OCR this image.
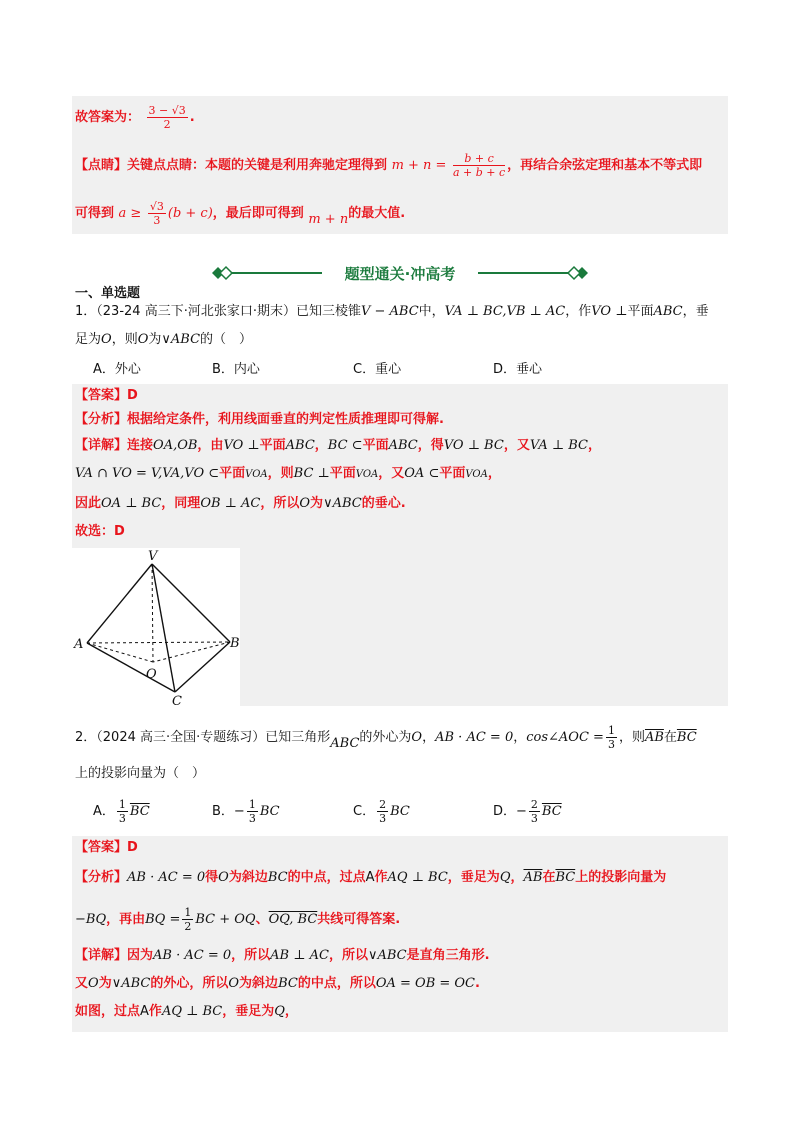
故答案为： $\frac{3 - √3}{2}$ .
【点睛】关键点点睛：本题的关键是利用奔驰定理得到 $m + n = \frac{b + c}{a + b + c}$ ，再结合余弦定理和基本不等式即
可得到 $a \ge \frac{√3}{3} (b + c)$，最后即可得到 m + n的最大值.
题型通关·冲高考
一、单选题
1．（23-24 高三下·河北张家口·期末）已知三棱锥V − ABC中，VA ⊥ BC,VB ⊥ AC，作VO ⊥平面ABC，垂
足为O，则O为∨ABC的（　）
A．外心	B．内心	C．重心	D．垂心
【答案】D
【分析】根据给定条件，利用线面垂直的判定性质推理即可得解.
【详解】连接OA,OB，由VO ⊥平面ABC，BC ⊂平面ABC，得VO ⊥ BC，又VA ⊥ BC，
VA ∩ VO = V,VA,VO ⊂平面VOA，则BC ⊥平面VOA，又OA ⊂平面VOA，
因此OA ⊥ BC，同理OB ⊥ AC，所以O为∨ABC的垂心.
故选：D
V
A	B
O
C
2．（2024 高三·全国·专题练习）已知三角形ABC的外心为O，AB · AC = 0，cos∠AOC = $\frac{1}{3}$ ，则$\overline{AB}$在$\overline{BC}$
上的投影向量为（　）
A． $\frac{1}{3} \overline{BC}$	B．− $\frac{1}{3}$ BC	C． $\frac{2}{3}$ BC	D．− $\frac{2}{3} \overline{BC}$
【答案】D
【分析】AB · AC = 0得O为斜边BC的中点，过点A作AQ ⊥ BC，垂足为Q，$\overline{AB}$在$\overline{BC}$上的投影向量为
−BQ，再由BQ = $\frac{1}{2}$ BC + OQ、OQ, BC共线可得答案.
【详解】因为AB · AC = 0，所以AB ⊥ AC，所以∨ABC是直角三角形.
又O为∨ABC的外心，所以O为斜边BC的中点，所以OA = OB = OC.
如图，过点A作AQ ⊥ BC，垂足为Q，
